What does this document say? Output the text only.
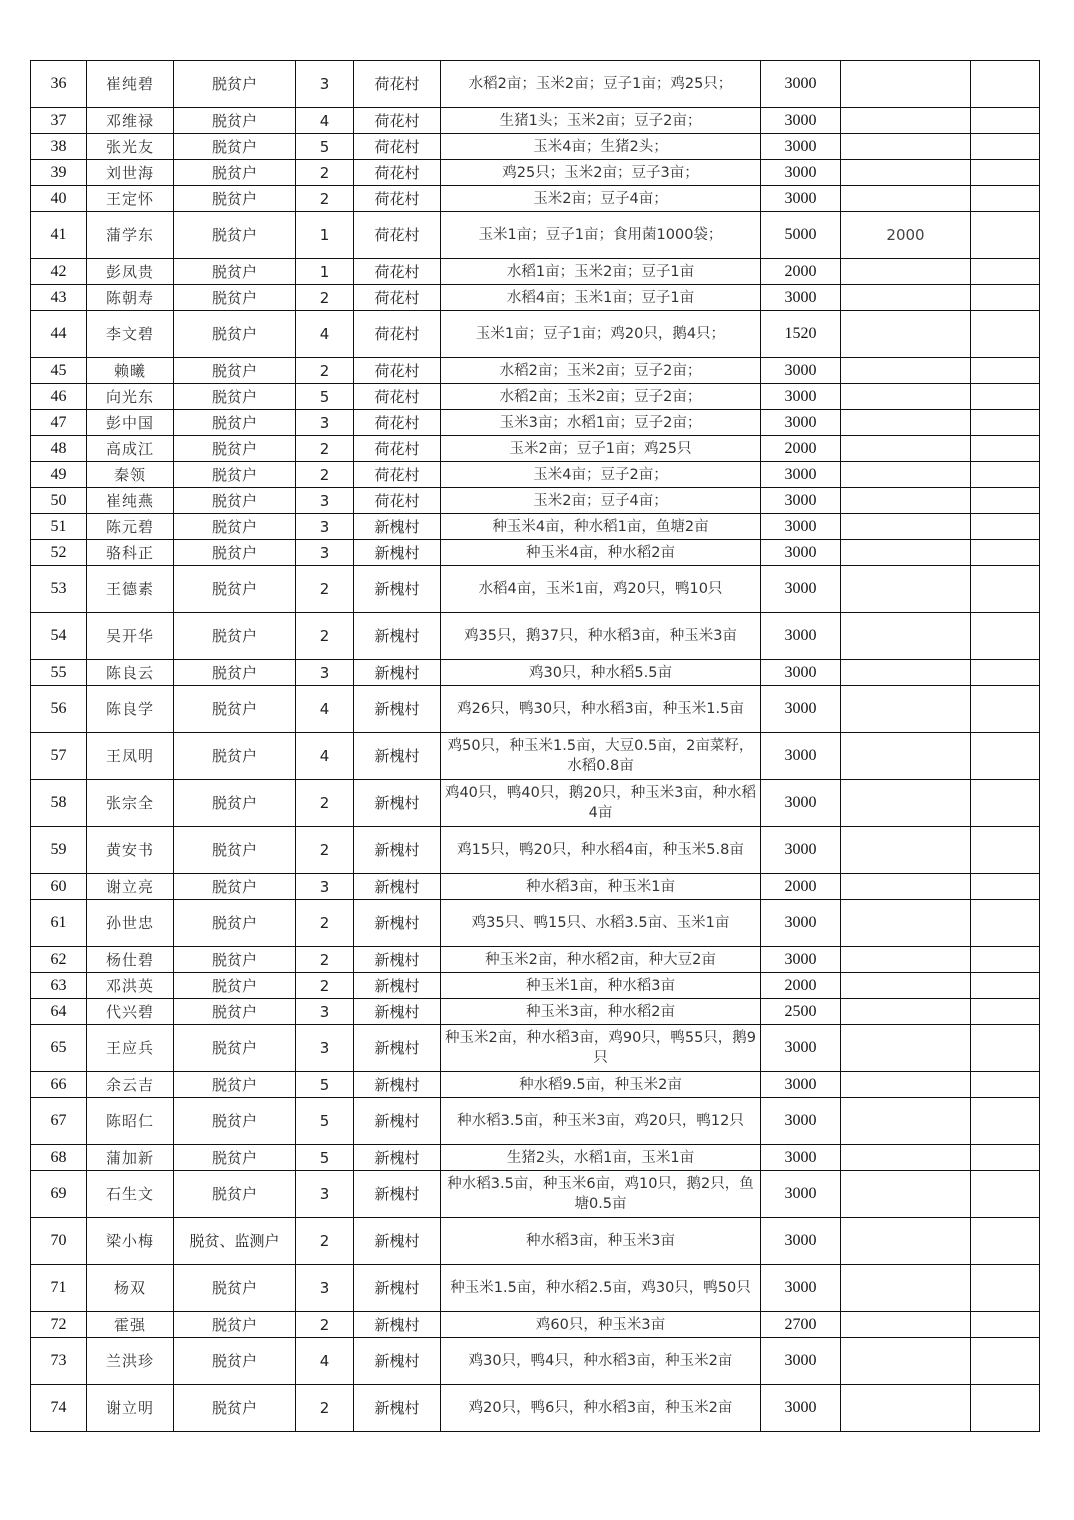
36	崔纯碧	脱贫户	3	荷花村	水稻2亩；玉米2亩；豆子1亩；鸡25只；	3000		
37	邓维禄	脱贫户	4	荷花村	生猪1头；玉米2亩；豆子2亩；	3000		
38	张光友	脱贫户	5	荷花村	玉米4亩；生猪2头；	3000		
39	刘世海	脱贫户	2	荷花村	鸡25只；玉米2亩；豆子3亩；	3000		
40	王定怀	脱贫户	2	荷花村	玉米2亩；豆子4亩；	3000		
41	蒲学东	脱贫户	1	荷花村	玉米1亩；豆子1亩；食用菌1000袋；	5000	2000	
42	彭凤贵	脱贫户	1	荷花村	水稻1亩；玉米2亩；豆子1亩	2000		
43	陈朝寿	脱贫户	2	荷花村	水稻4亩；玉米1亩；豆子1亩	3000		
44	李文碧	脱贫户	4	荷花村	玉米1亩；豆子1亩；鸡20只，鹅4只；	1520		
45	赖曦	脱贫户	2	荷花村	水稻2亩；玉米2亩；豆子2亩；	3000		
46	向光东	脱贫户	5	荷花村	水稻2亩；玉米2亩；豆子2亩；	3000		
47	彭中国	脱贫户	3	荷花村	玉米3亩；水稻1亩；豆子2亩；	3000		
48	高成江	脱贫户	2	荷花村	玉米2亩；豆子1亩；鸡25只	2000		
49	秦领	脱贫户	2	荷花村	玉米4亩；豆子2亩；	3000		
50	崔纯燕	脱贫户	3	荷花村	玉米2亩；豆子4亩；	3000		
51	陈元碧	脱贫户	3	新槐村	种玉米4亩，种水稻1亩，鱼塘2亩	3000		
52	骆科正	脱贫户	3	新槐村	种玉米4亩，种水稻2亩	3000		
53	王德素	脱贫户	2	新槐村	水稻4亩，玉米1亩，鸡20只，鸭10只	3000		
54	吴开华	脱贫户	2	新槐村	鸡35只，鹅37只，种水稻3亩，种玉米3亩	3000		
55	陈良云	脱贫户	3	新槐村	鸡30只，种水稻5.5亩	3000		
56	陈良学	脱贫户	4	新槐村	鸡26只，鸭30只，种水稻3亩，种玉米1.5亩	3000		
57	王凤明	脱贫户	4	新槐村	鸡50只，种玉米1.5亩，大豆0.5亩，2亩菜籽，水稻0.8亩	3000		
58	张宗全	脱贫户	2	新槐村	鸡40只，鸭40只，鹅20只，种玉米3亩，种水稻4亩	3000		
59	黄安书	脱贫户	2	新槐村	鸡15只，鸭20只，种水稻4亩，种玉米5.8亩	3000		
60	谢立亮	脱贫户	3	新槐村	种水稻3亩，种玉米1亩	2000		
61	孙世忠	脱贫户	2	新槐村	鸡35只、鸭15只、水稻3.5亩、玉米1亩	3000		
62	杨仕碧	脱贫户	2	新槐村	种玉米2亩，种水稻2亩，种大豆2亩	3000		
63	邓洪英	脱贫户	2	新槐村	种玉米1亩，种水稻3亩	2000		
64	代兴碧	脱贫户	3	新槐村	种玉米3亩，种水稻2亩	2500		
65	王应兵	脱贫户	3	新槐村	种玉米2亩，种水稻3亩，鸡90只，鸭55只，鹅9只	3000		
66	余云吉	脱贫户	5	新槐村	种水稻9.5亩，种玉米2亩	3000		
67	陈昭仁	脱贫户	5	新槐村	种水稻3.5亩，种玉米3亩，鸡20只，鸭12只	3000		
68	蒲加新	脱贫户	5	新槐村	生猪2头，水稻1亩，玉米1亩	3000		
69	石生文	脱贫户	3	新槐村	种水稻3.5亩，种玉米6亩，鸡10只，鹅2只，鱼塘0.5亩	3000		
70	梁小梅	脱贫、监测户	2	新槐村	种水稻3亩，种玉米3亩	3000		
71	杨双	脱贫户	3	新槐村	种玉米1.5亩，种水稻2.5亩，鸡30只，鸭50只	3000		
72	霍强	脱贫户	2	新槐村	鸡60只，种玉米3亩	2700		
73	兰洪珍	脱贫户	4	新槐村	鸡30只，鸭4只，种水稻3亩，种玉米2亩	3000		
74	谢立明	脱贫户	2	新槐村	鸡20只，鸭6只，种水稻3亩，种玉米2亩	3000		
